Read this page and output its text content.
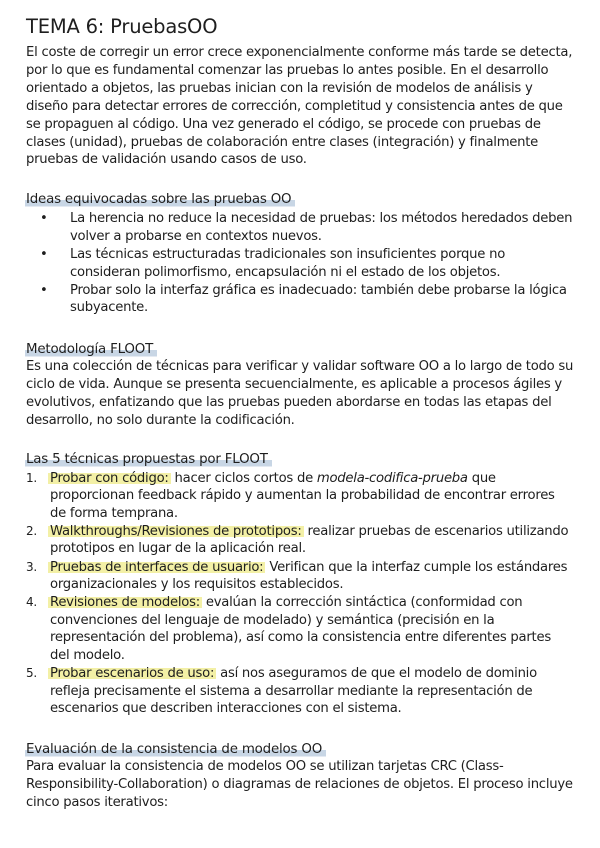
TEMA 6: PruebasOO

El coste de corregir un error crece exponencialmente conforme más tarde se detecta, por lo que es fundamental comenzar las pruebas lo antes posible. En el desarrollo orientado a objetos, las pruebas inician con la revisión de modelos de análisis y diseño para detectar errores de corrección, completitud y consistencia antes de que se propaguen al código. Una vez generado el código, se procede con pruebas de clases (unidad), pruebas de colaboración entre clases (integración) y finalmente pruebas de validación usando casos de uso.

Ideas equivocadas sobre las pruebas OO
• La herencia no reduce la necesidad de pruebas: los métodos heredados deben volver a probarse en contextos nuevos.
• Las técnicas estructuradas tradicionales son insuficientes porque no consideran polimorfismo, encapsulación ni el estado de los objetos.
• Probar solo la interfaz gráfica es inadecuado: también debe probarse la lógica subyacente.
Metodología FLOOT

Es una colección de técnicas para verificar y validar software OO a lo largo de todo su ciclo de vida. Aunque se presenta secuencialmente, es aplicable a procesos ágiles y evolutivos, enfatizando que las pruebas pueden abordarse en todas las etapas del desarrollo, no solo durante la codificación.

Las 5 técnicas propuestas por FLOOT
1. Probar con código: hacer ciclos cortos de modela-codifica-prueba que proporcionan feedback rápido y aumentan la probabilidad de encontrar errores de forma temprana.
2. Walkthroughs/Revisiones de prototipos: realizar pruebas de escenarios utilizando prototipos en lugar de la aplicación real.
3. Pruebas de interfaces de usuario: Verifican que la interfaz cumple los estándares organizacionales y los requisitos establecidos.
4. Revisiones de modelos: evalúan la corrección sintáctica (conformidad con convenciones del lenguaje de modelado) y semántica (precisión en la representación del problema), así como la consistencia entre diferentes partes del modelo.
5. Probar escenarios de uso: así nos aseguramos de que el modelo de dominio refleja precisamente el sistema a desarrollar mediante la representación de escenarios que describen interacciones con el sistema.
Evaluación de la consistencia de modelos OO

Para evaluar la consistencia de modelos OO se utilizan tarjetas CRC (Class-Responsibility-Collaboration) o diagramas de relaciones de objetos. El proceso incluye cinco pasos iterativos:
